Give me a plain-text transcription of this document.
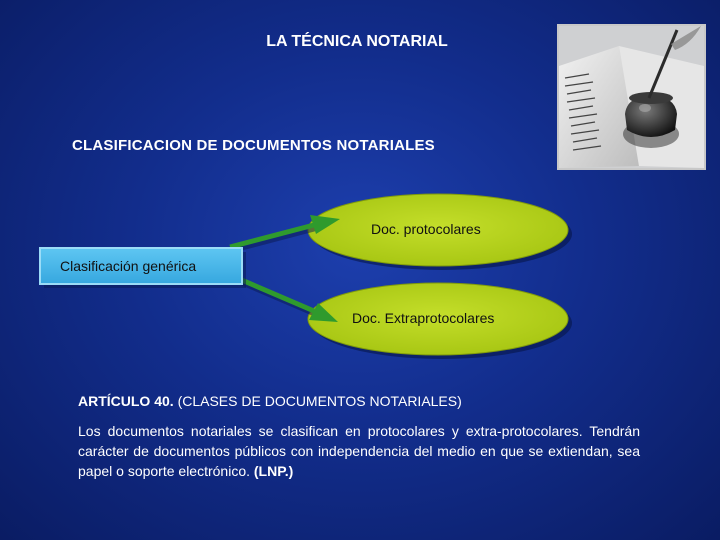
LA TÉCNICA NOTARIAL
CLASIFICACION DE DOCUMENTOS NOTARIALES
Doc. protocolares
Doc. Extraprotocolares
Clasificación genérica
ARTÍCULO 40. (CLASES DE DOCUMENTOS NOTARIALES)
Los documentos notariales se clasifican en protocolares y extra-protocolares. Tendrán carácter de documentos públicos con independencia del medio en que se extiendan, sea papel o soporte electrónico. (LNP.)
